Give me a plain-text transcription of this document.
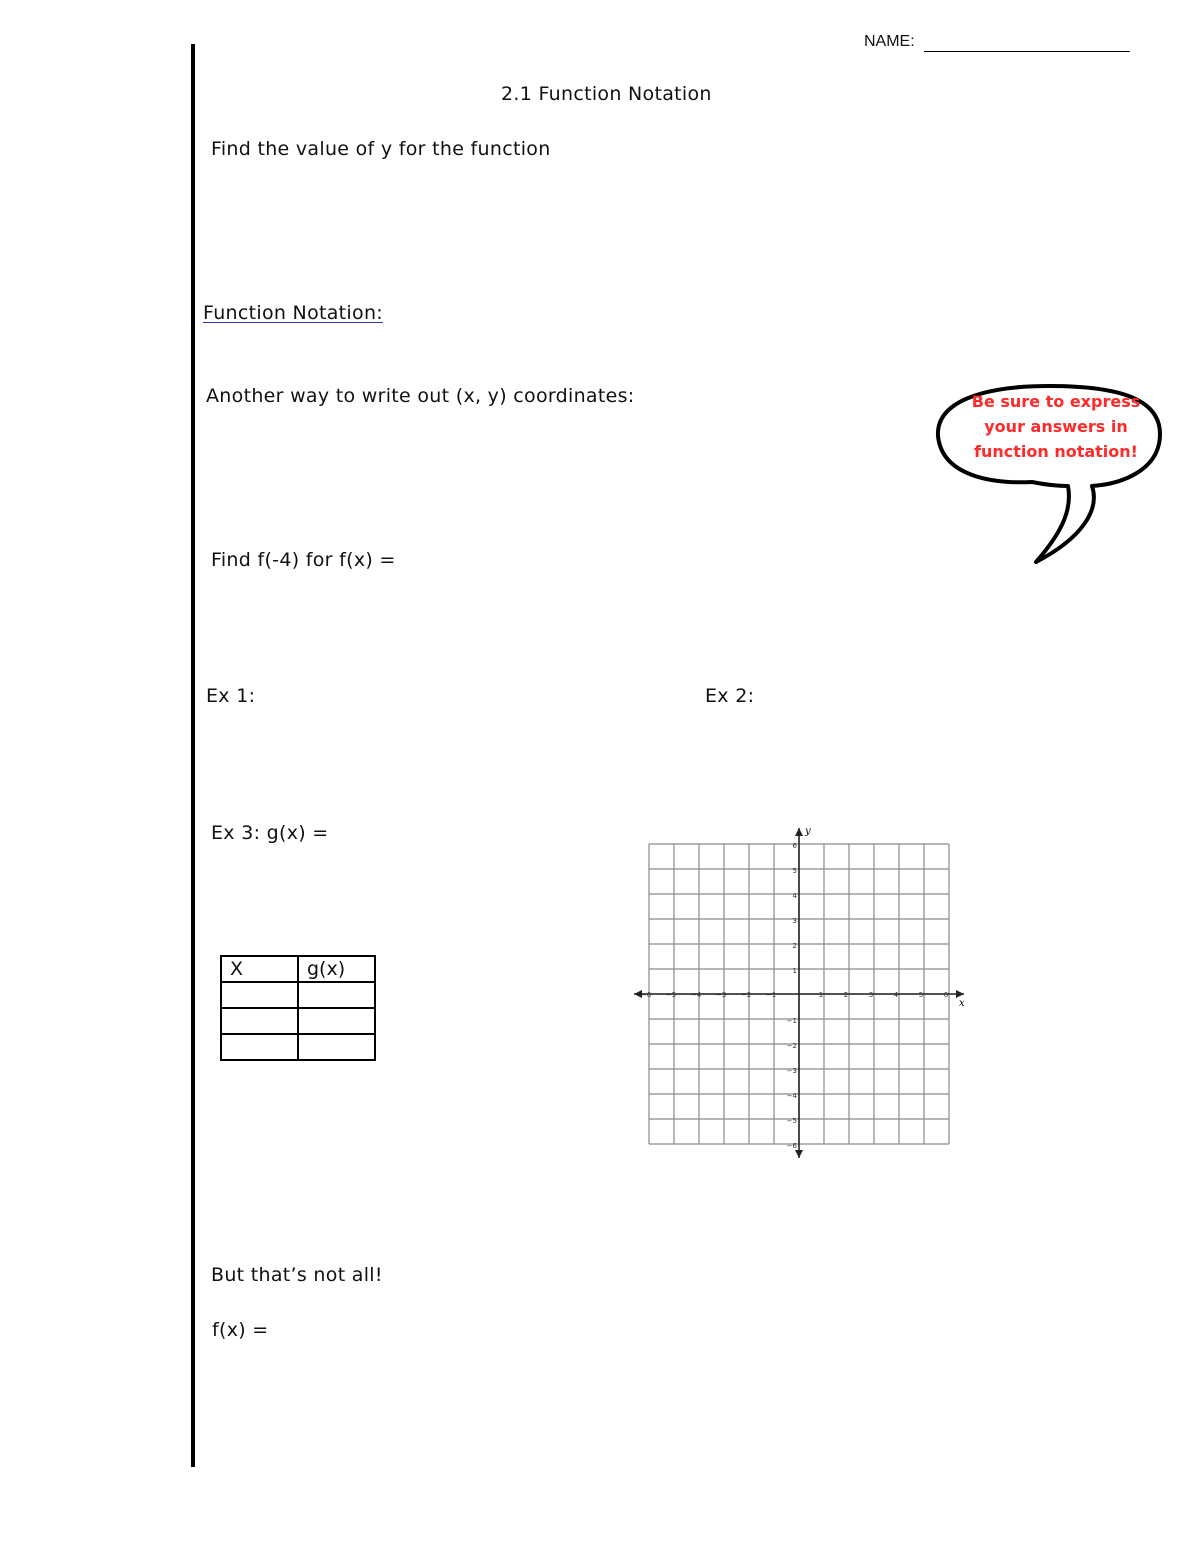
NAME:
2.1 Function Notation
Find the value of y for the function
Function Notation:
Another way to write out (x, y) coordinates:	Be sure to express
your answers in
function notation!
Find f(-4) for f(x) =
Ex 1:	Ex 2:
Ex 3: g(x) =
X	g(x)

−6 −5 −4 −3 −2 −1	1	2	3	4	5	6
6
5
4
3
2
1
−1
−2
−3
−4
−5
−6
x
y
But that’s not all!
f(x) =
